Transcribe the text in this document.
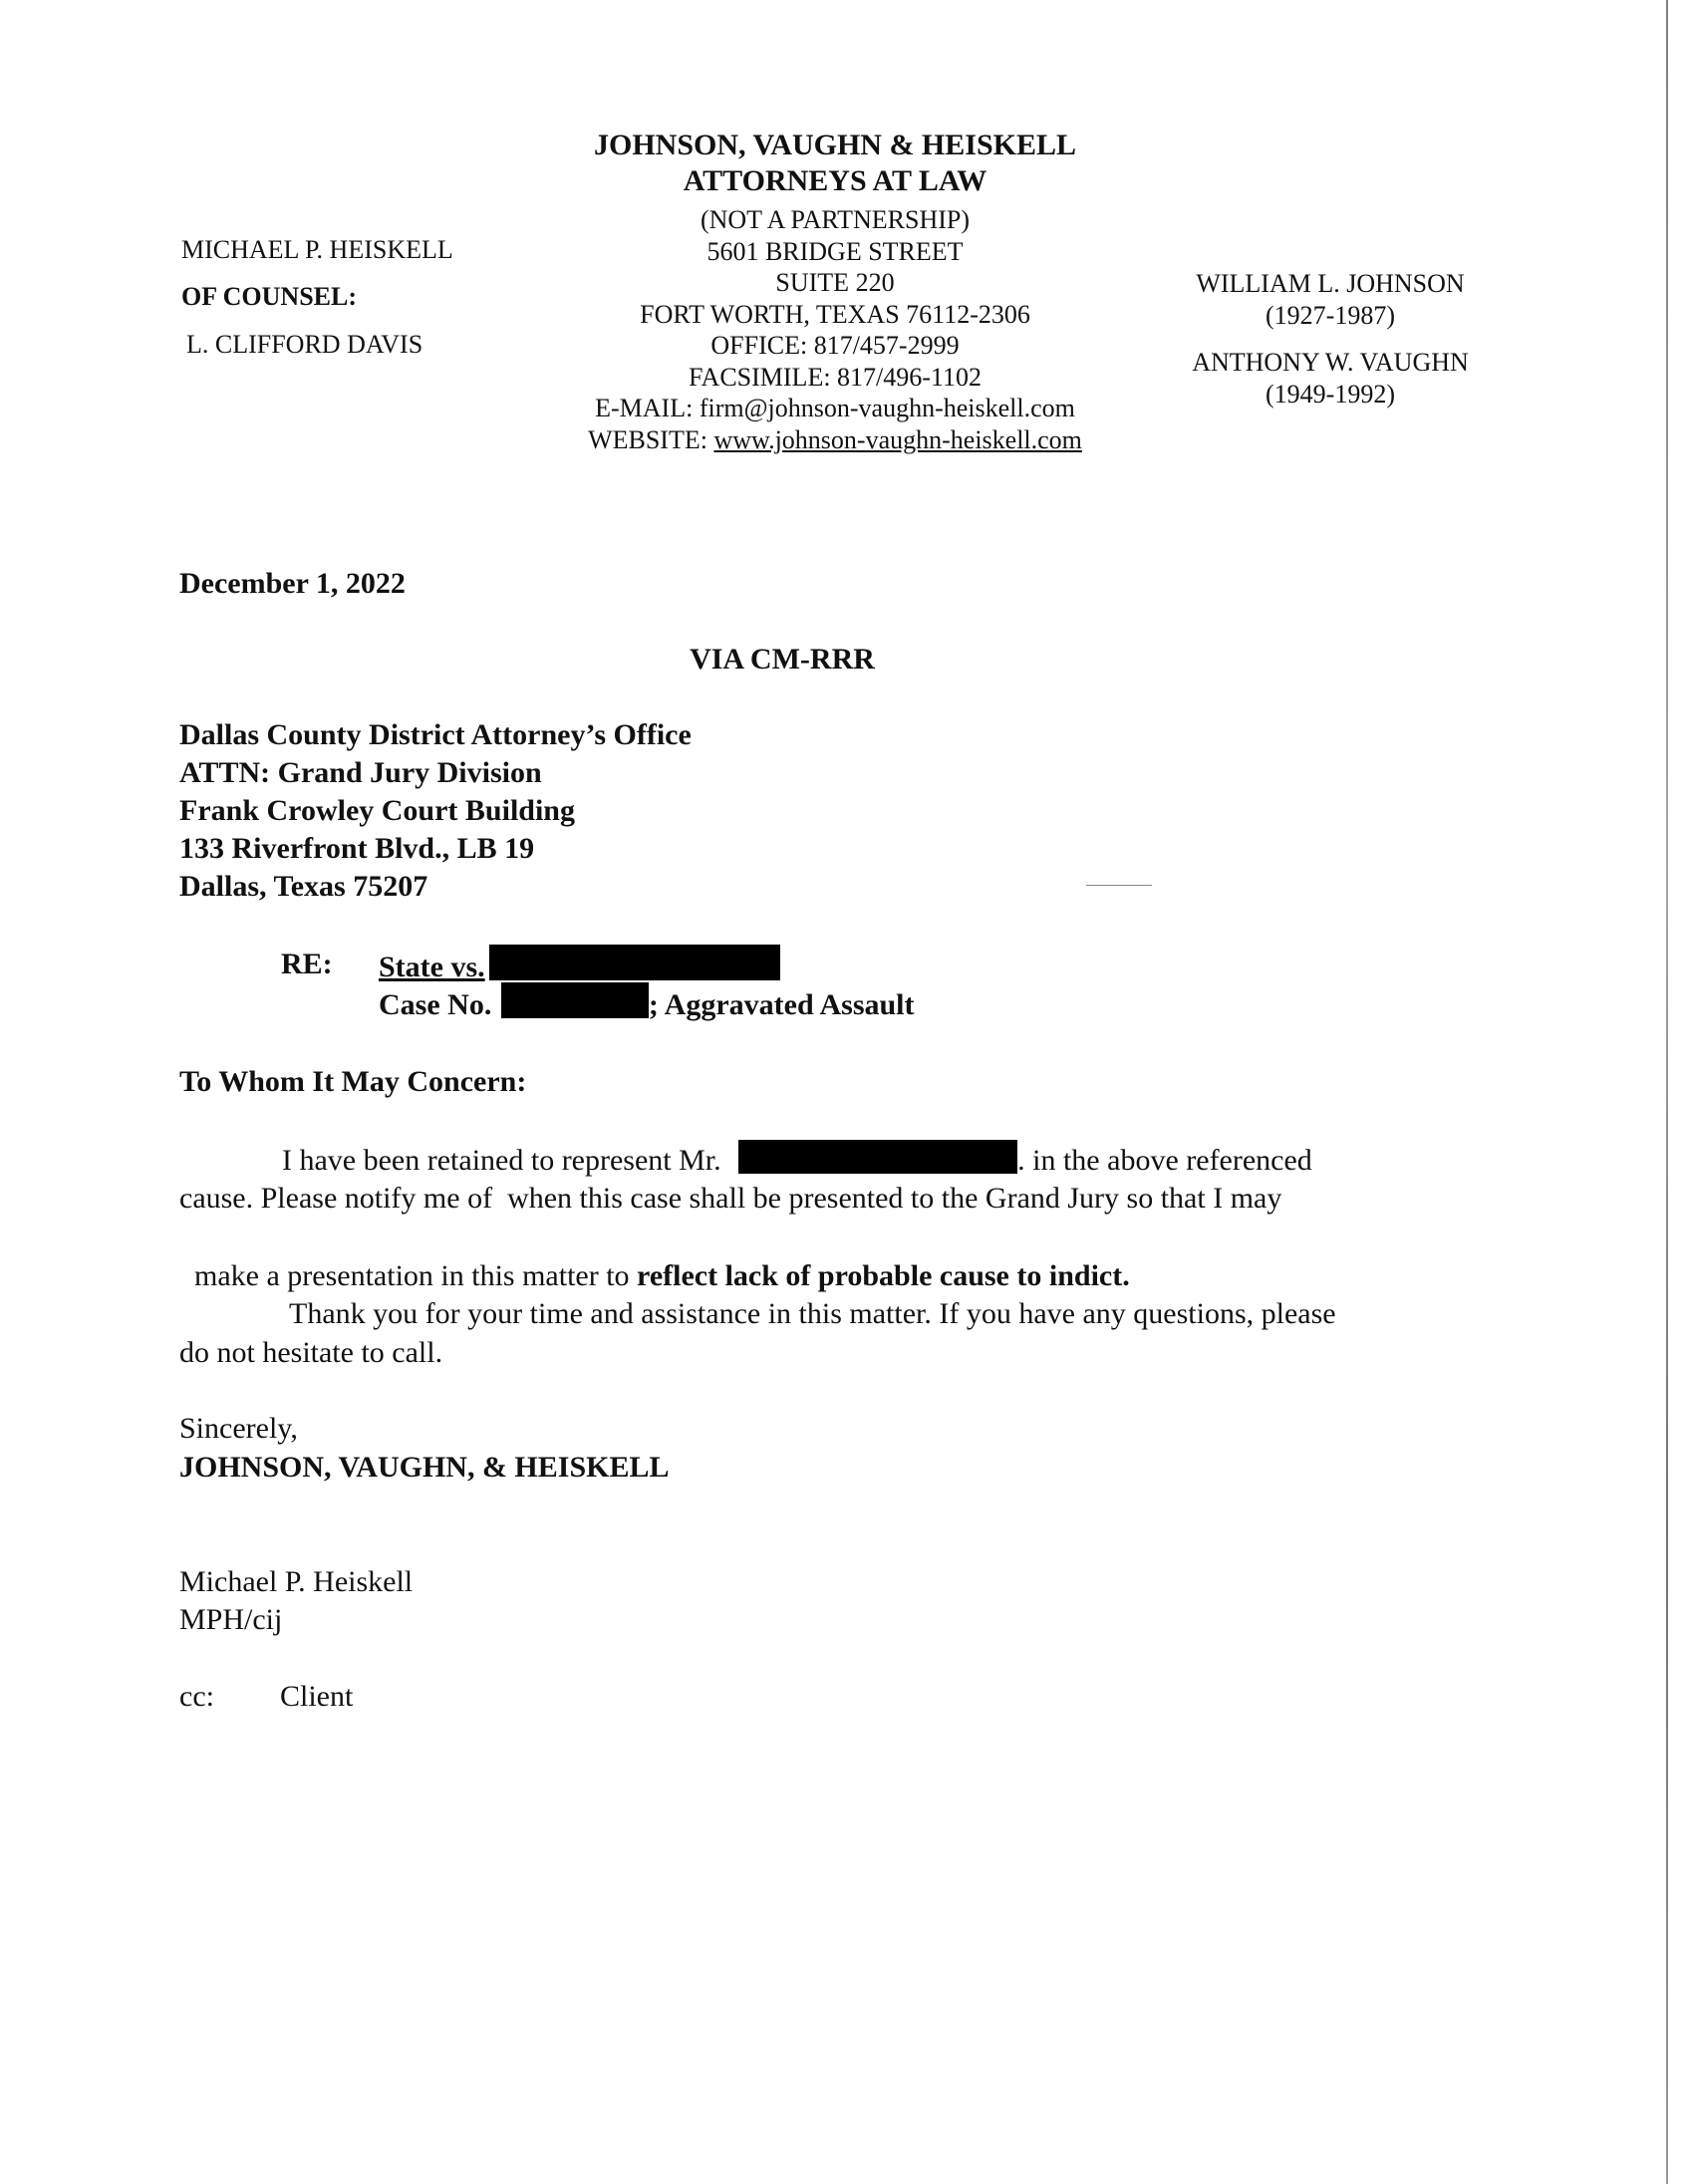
JOHNSON, VAUGHN & HEISKELL
ATTORNEYS AT LAW
(NOT A PARTNERSHIP)
5601 BRIDGE STREET
SUITE 220
FORT WORTH, TEXAS 76112-2306
OFFICE: 817/457-2999
FACSIMILE: 817/496-1102
E-MAIL: firm@johnson-vaughn-heiskell.com
WEBSITE: www.johnson-vaughn-heiskell.com
MICHAEL P. HEISKELL
OF COUNSEL:
L. CLIFFORD DAVIS
WILLIAM L. JOHNSON
(1927-1987)
ANTHONY W. VAUGHN
(1949-1992)
December 1, 2022
VIA CM-RRR
Dallas County District Attorney’s Office
ATTN: Grand Jury Division
Frank Crowley Court Building
133 Riverfront Blvd., LB 19
Dallas, Texas 75207
RE: State vs.
Case No.	; Aggravated Assault
To Whom It May Concern:
I have been retained to represent Mr.	. in the above referenced
cause. Please notify me of  when this case shall be presented to the Grand Jury so that I may

make a presentation in this matter to reflect lack of probable cause to indict.

Thank you for your time and assistance in this matter. If you have any questions, please
do not hesitate to call.
Sincerely,
JOHNSON, VAUGHN, & HEISKELL
Michael P. Heiskell
MPH/cij
cc: Client
